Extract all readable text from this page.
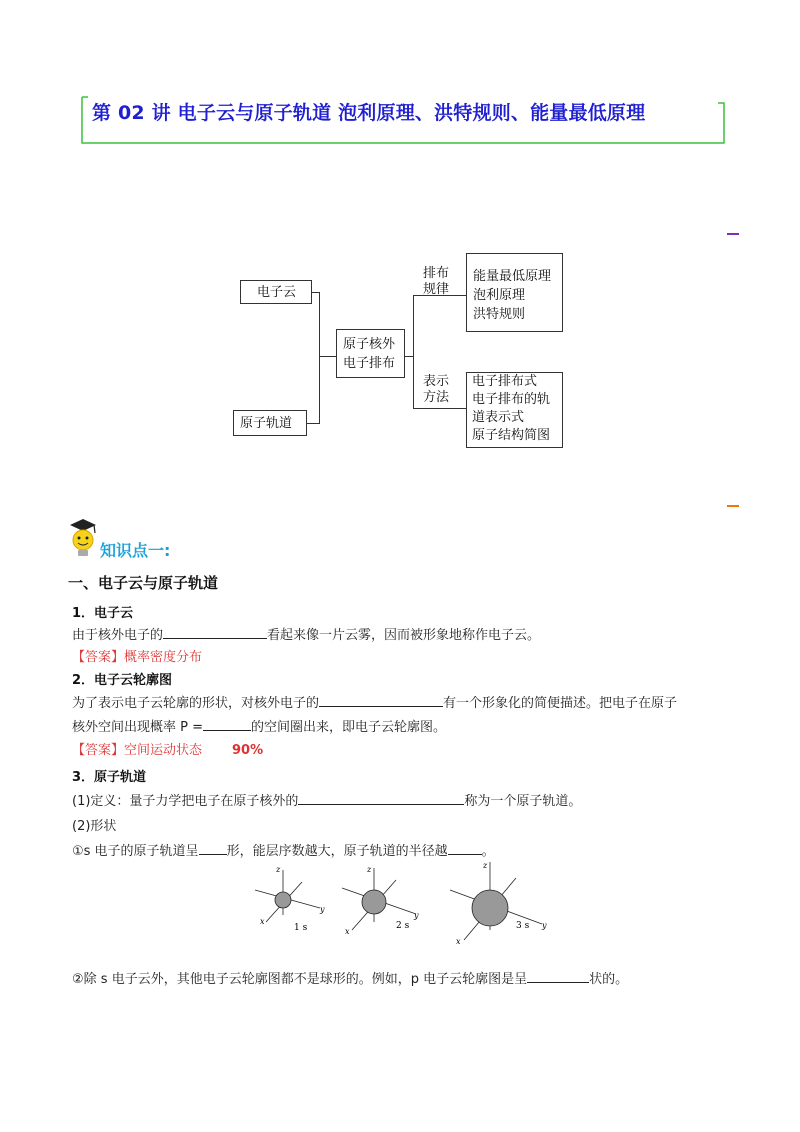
第 02 讲 电子云与原子轨道 泡利原理、洪特规则、能量最低原理
电子云
原子轨道
原子核外
电子排布
排布
规律
表示
方法
能量最低原理
泡利原理
洪特规则
电子排布式
电子排布的轨
道表示式
原子结构简图
知识点一:
一、电子云与原子轨道
1．电子云
由于核外电子的	看起来像一片云雾，因而被形象地称作电子云。
【答案】概率密度分布
2．电子云轮廓图
为了表示电子云轮廓的形状，对核外电子的	有一个形象化的简便描述。把电子在原子
核外空间出现概率 P =	的空间圈出来，即电子云轮廓图。
【答案】空间运动状态 90%
3．原子轨道
(1)定义：量子力学把电子在原子核外的	称为一个原子轨道。
(2)形状
①s 电子的原子轨道呈 形，能层序数越大，原子轨道的半径越	。
z
y
x
1 s
z
y
x
2 s
z
y
x
3 s
②除 s 电子云外，其他电子云轮廓图都不是球形的。例如，p 电子云轮廓图是呈	状的。
